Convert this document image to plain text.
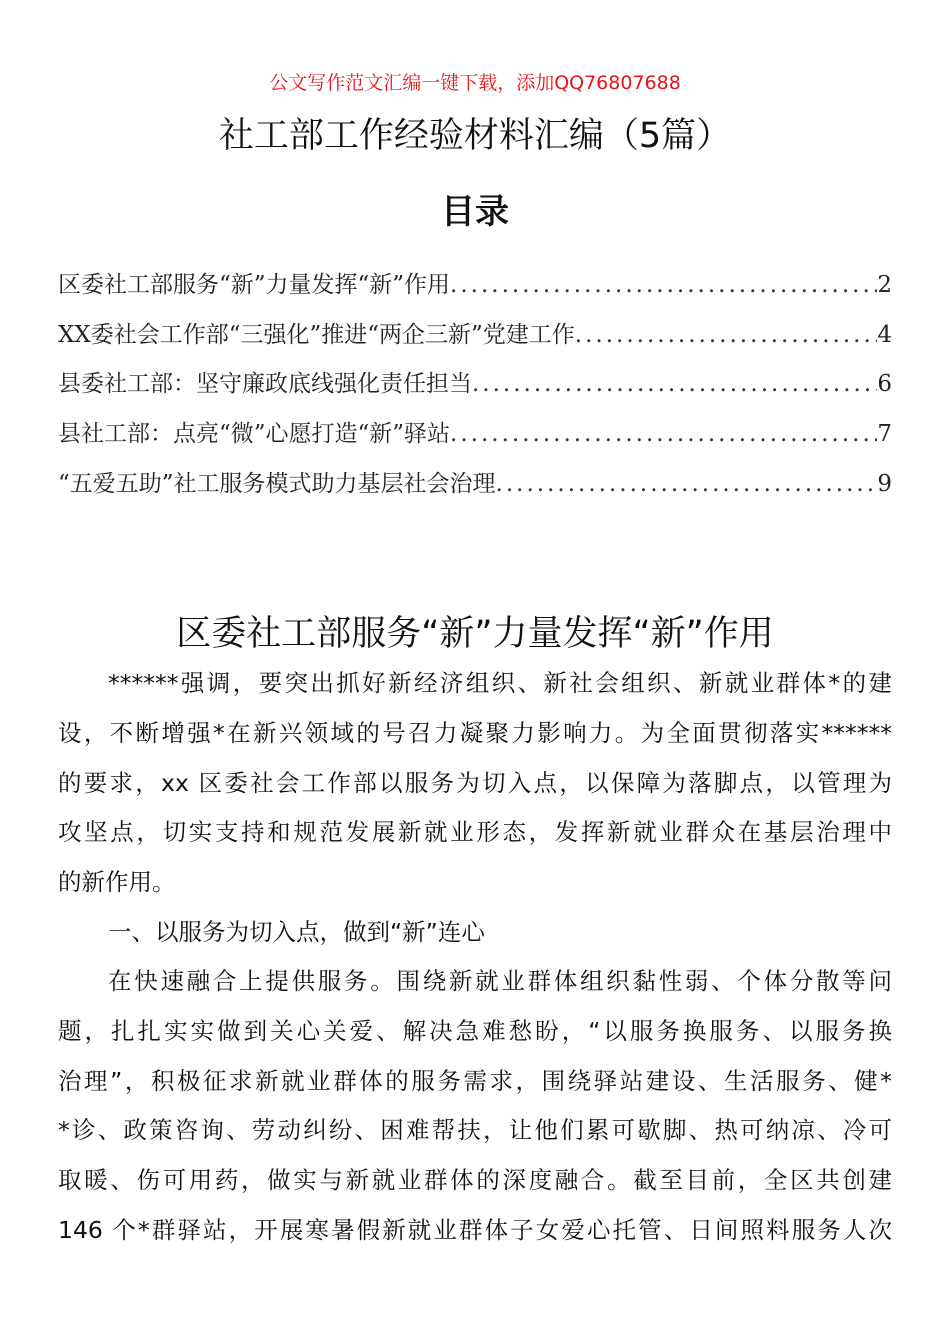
公文写作范文汇编一键下载，添加QQ76807688
社工部工作经验材料汇编（5篇）
目录
区委社工部服务“新”力量发挥“新”作用 .....	2
XX委社会工作部“三强化”推进“两企三新”党建工作 .....	4
县委社工部：坚守廉政底线强化责任担当 .....	6
县社工部：点亮“微”心愿打造“新”驿站 .....	7
“五爱五助”社工服务模式助力基层社会治理 .....	9
区委社工部服务“新”力量发挥“新”作用
******强调，要突出抓好新经济组织、新社会组织、新就业群体*的建
设，不断增强*在新兴领域的号召力凝聚力影响力。为全面贯彻落实******
的要求，xx 区委社会工作部以服务为切入点，以保障为落脚点，以管理为
攻坚点，切实支持和规范发展新就业形态，发挥新就业群众在基层治理中
的新作用。
一、以服务为切入点，做到“新”连心
在快速融合上提供服务。围绕新就业群体组织黏性弱、个体分散等问
题，扎扎实实做到关心关爱、解决急难愁盼，“以服务换服务、以服务换
治理”，积极征求新就业群体的服务需求，围绕驿站建设、生活服务、健*
*诊、政策咨询、劳动纠纷、困难帮扶，让他们累可歇脚、热可纳凉、冷可
取暖、伤可用药，做实与新就业群体的深度融合。截至目前，全区共创建
146 个*群驿站，开展寒暑假新就业群体子女爱心托管、日间照料服务人次
